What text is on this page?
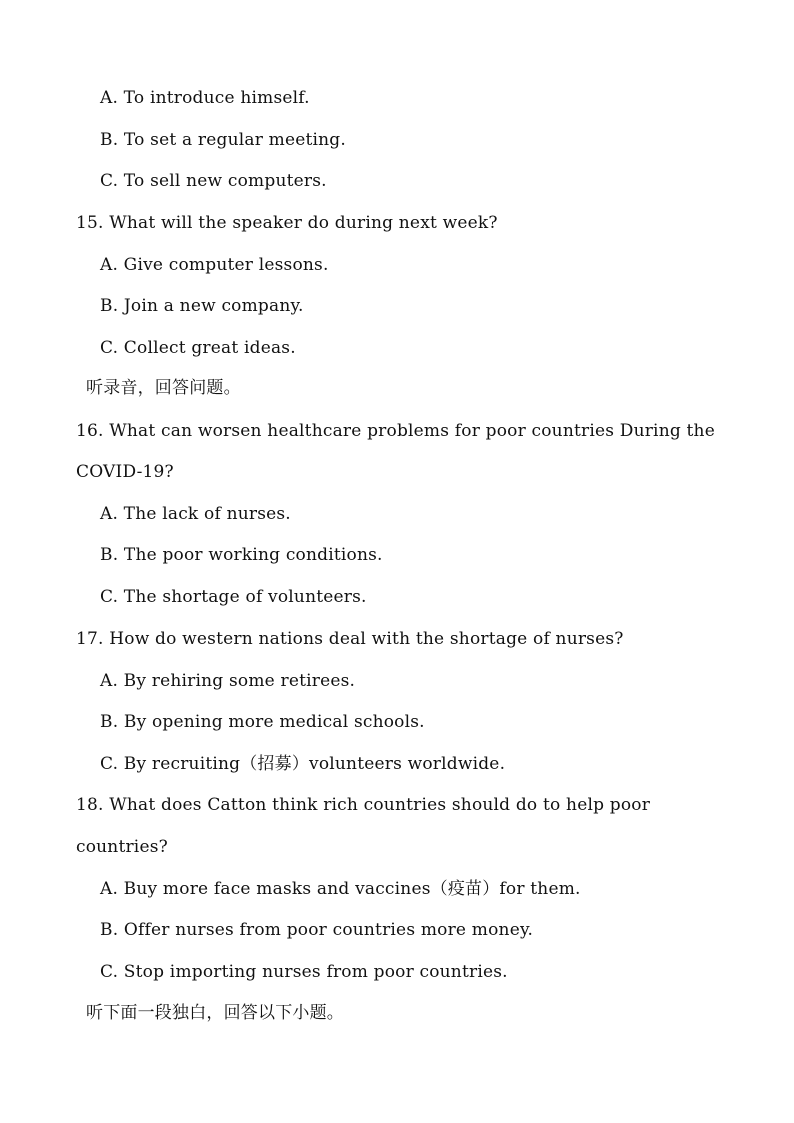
A. To introduce himself.
B. To set a regular meeting.
C. To sell new computers.
15. What will the speaker do during next week?
A. Give computer lessons.
B. Join a new company.
C. Collect great ideas.
听录音，回答问题。
16. What can worsen healthcare problems for poor countries During the
COVID-19?
A. The lack of nurses.
B. The poor working conditions.
C. The shortage of volunteers.
17. How do western nations deal with the shortage of nurses?
A. By rehiring some retirees.
B. By opening more medical schools.
C. By recruiting（招募）volunteers worldwide.
18. What does Catton think rich countries should do to help poor
countries?
A. Buy more face masks and vaccines（疫苗）for them.
B. Offer nurses from poor countries more money.
C. Stop importing nurses from poor countries.
听下面一段独白，回答以下小题。
